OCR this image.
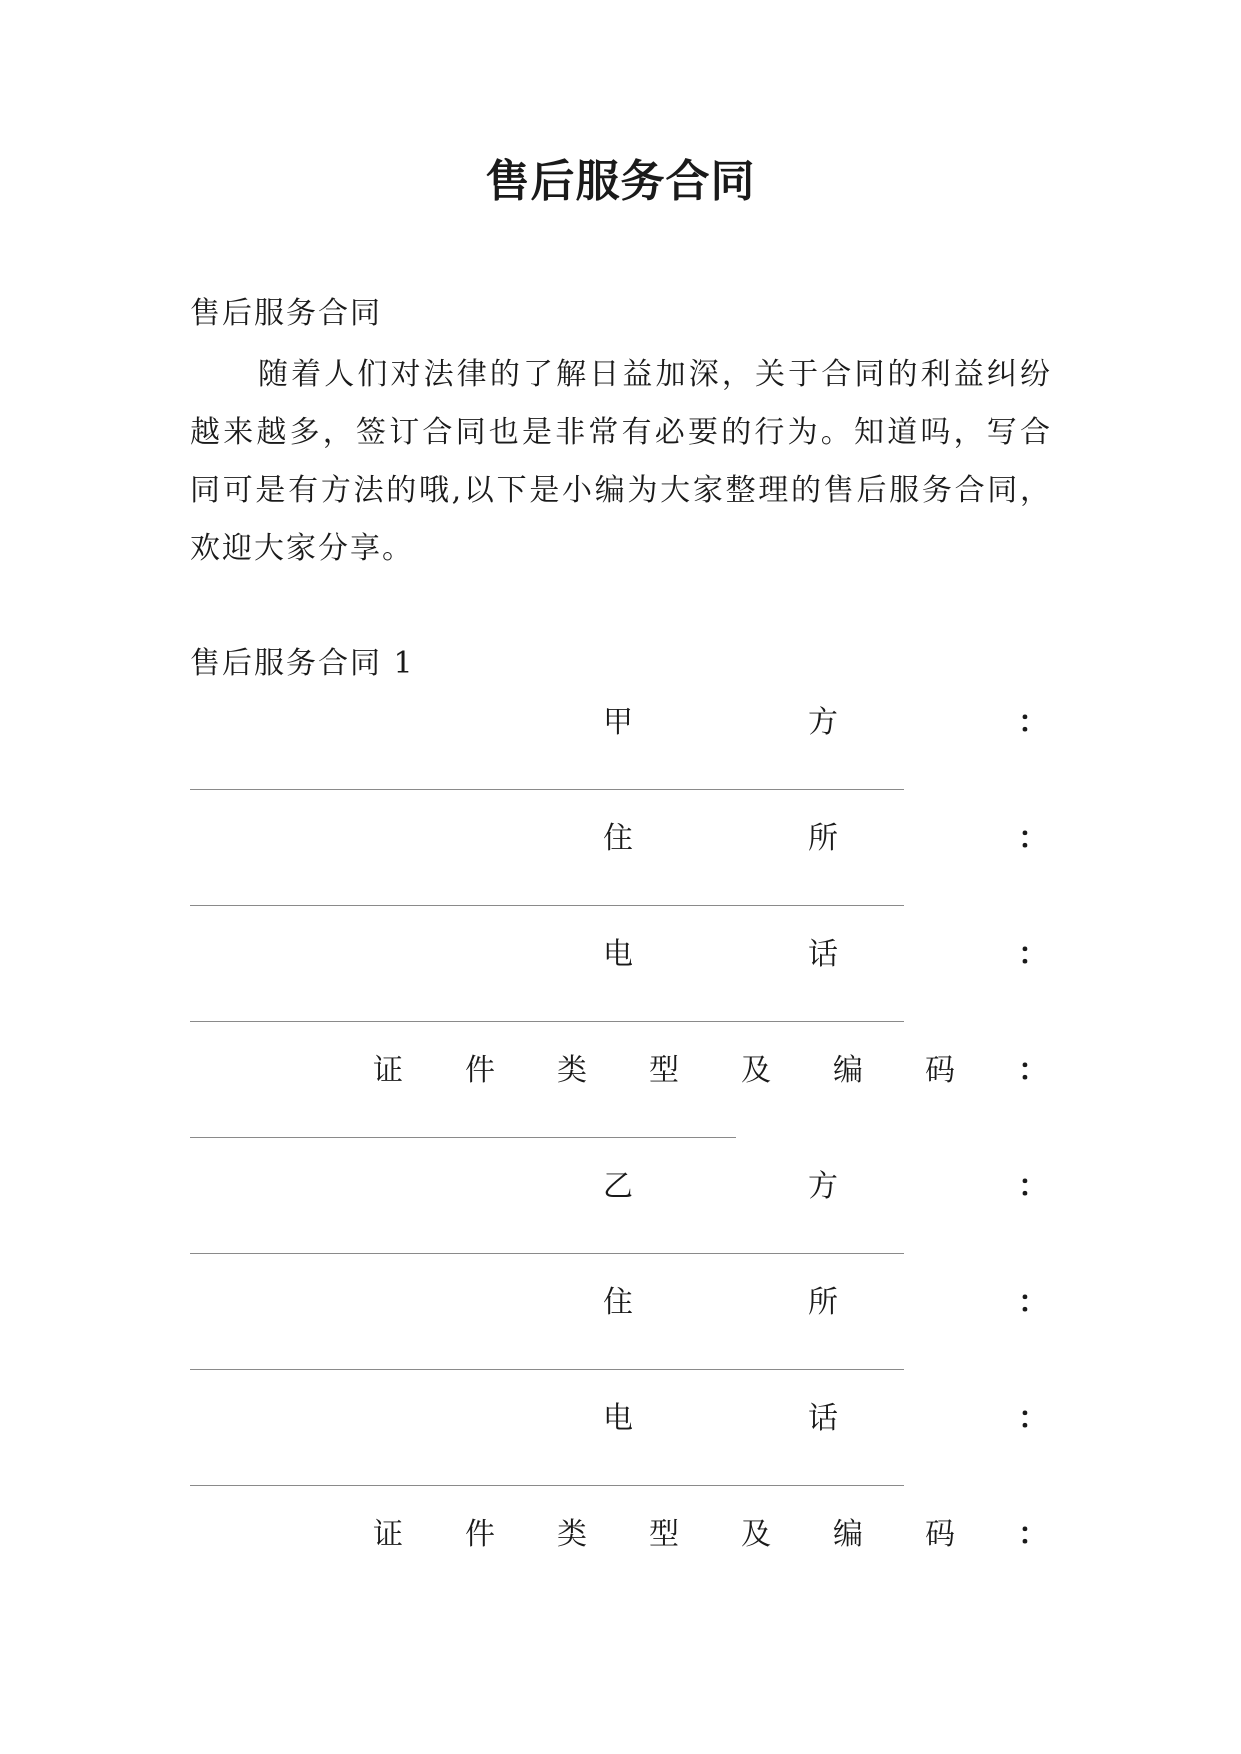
售后服务合同
售后服务合同

随着人们对法律的了解日益加深，关于合同的利益纠纷越来越多，签订合同也是非常有必要的行为。知道吗，写合同可是有方法的哦,以下是小编为大家整理的售后服务合同，欢迎大家分享。

售后服务合同 1
甲	方	：
住	所	：
电	话	：
证 件 类 型 及 编 码 ：
乙	方	：
住	所	：
电	话	：
证 件 类 型 及 编 码 ：
